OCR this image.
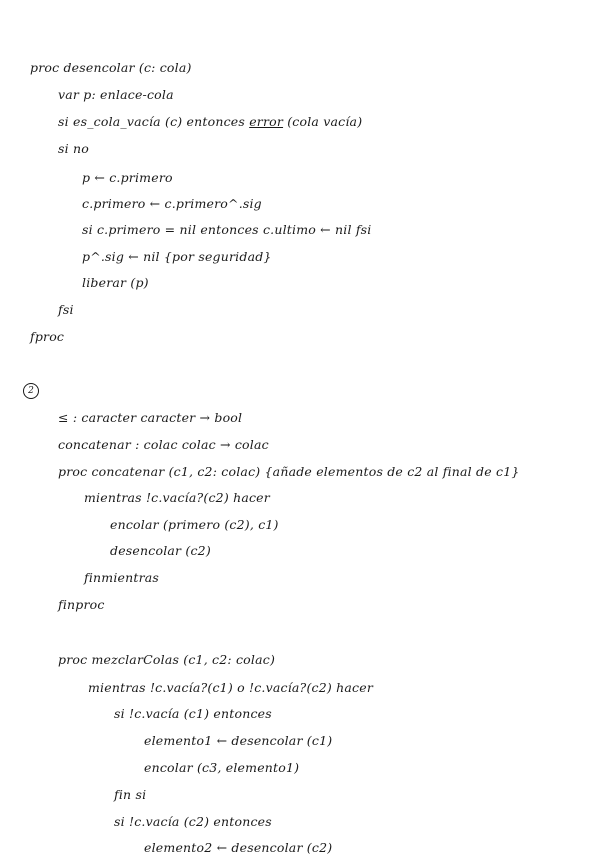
proc desencolar (c: cola)
var p: enlace-cola
si es_cola_vacía (c) entonces error (cola vacía)
si no
p ← c.primero
c.primero ← c.primero^.sig
si c.primero = nil entonces c.ultimo ← nil fsi
p^.sig ← nil {por seguridad}
liberar (p)
fsi
fproc
2
≤ : caracter caracter → bool
concatenar : colac colac → colac
proc concatenar (c1, c2: colac) {añade elementos de c2 al final de c1}
mientras !c.vacía?(c2) hacer
encolar (primero (c2), c1)
desencolar (c2)
finmientras
finproc
proc mezclarColas (c1, c2: colac)
mientras !c.vacía?(c1) o !c.vacía?(c2) hacer
si !c.vacía (c1) entonces
elemento1 ← desencolar (c1)
encolar (c3, elemento1)
fin si
si !c.vacía (c2) entonces
elemento2 ← desencolar (c2)
